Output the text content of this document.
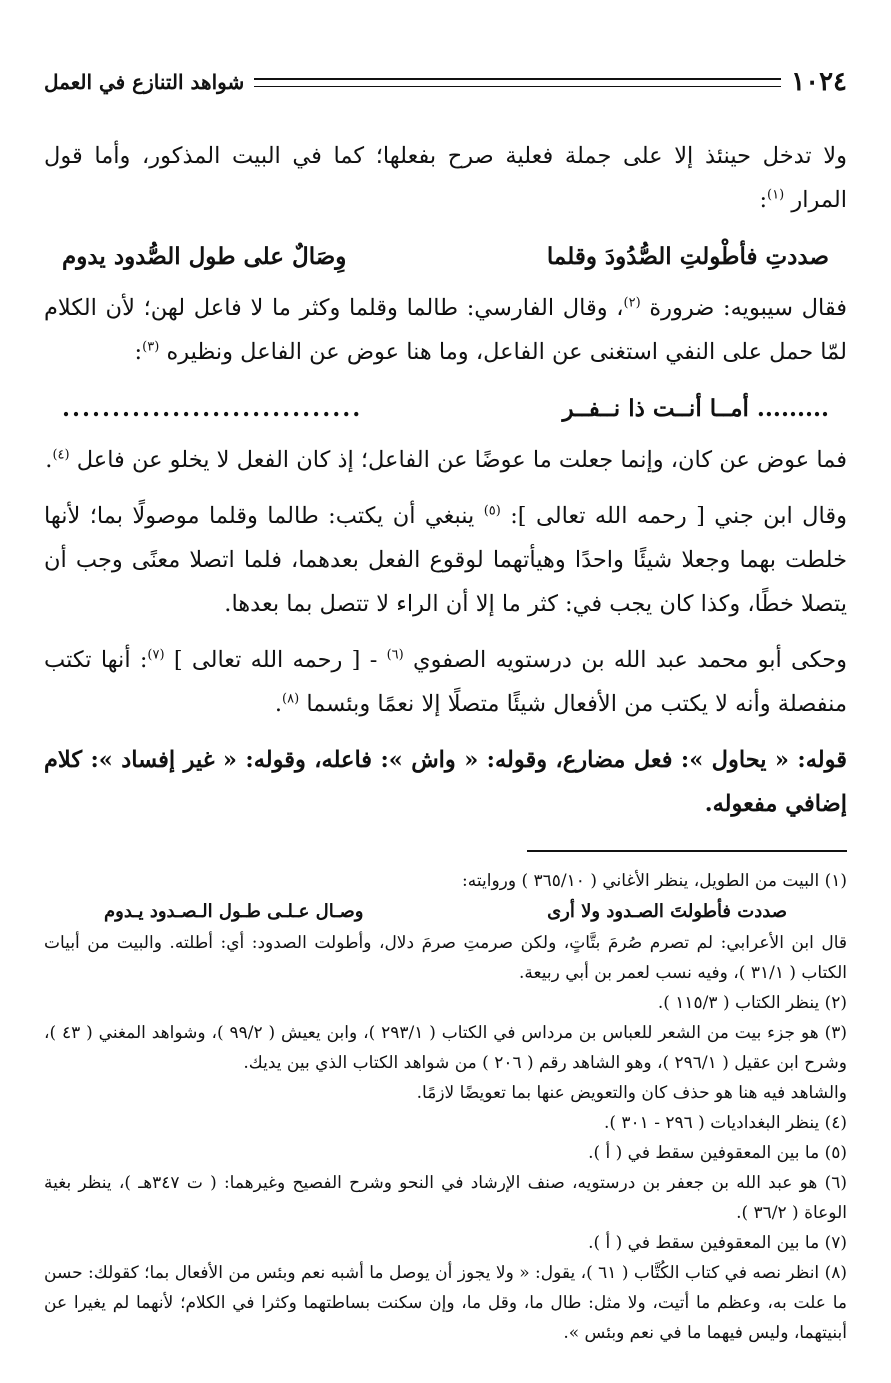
١٠٢٤
شواهد التنازع في العمل

ولا تدخل حينئذ إلا على جملة فعلية صرح بفعلها؛ كما في البيت المذكور، وأما قول المرار $^{(١)}$:

صددتِ فأطْولتِ الصُّدُودَ وقلما
وِصَالٌ على طول الصُّدود يدوم

فقال سيبويه: ضرورة $^{(٢)}$، وقال الفارسي: طالما وقلما وكثر ما لا فاعل لهن؛ لأن الكلام لمّا حمل على النفي استغنى عن الفاعل، وما هنا عوض عن الفاعل ونظيره $^{(٣)}$:

......... أمــا أنــت ذا نــفــر
..............................

فما عوض عن كان، وإنما جعلت ما عوضًا عن الفاعل؛ إذ كان الفعل لا يخلو عن فاعل $^{(٤)}$.

وقال ابن جني [ رحمه الله تعالى ]: $^{(٥)}$ ينبغي أن يكتب: طالما وقلما موصولًا بما؛ لأنها خلطت بهما وجعلا شيئًا واحدًا وهيأتهما لوقوع الفعل بعدهما، فلما اتصلا معنًى وجب أن يتصلا خطًا، وكذا كان يجب في: كثر ما إلا أن الراء لا تتصل بما بعدها.

وحكى أبو محمد عبد الله بن درستويه الصفوي $^{(٦)}$ - [ رحمه الله تعالى ] $^{(٧)}$: أنها تكتب منفصلة وأنه لا يكتب من الأفعال شيئًا متصلًا إلا نعمًا وبئسما $^{(٨)}$.

قوله: « يحاول »: فعل مضارع، وقوله: « واش »: فاعله، وقوله: « غير إفساد »: كلام إضافي مفعوله.

(١) البيت من الطويل، ينظر الأغاني ( ٣٦٥/١٠ ) وروايته:

صددت فأطولتَ الصـدود ولا أرى
وصـال عـلـى طـول الـصـدود يـدوم

قال ابن الأعرابي: لم تصرم صُرمَ بتَّاتٍ، ولكن صرمتِ صرمَ دلال، وأطولت الصدود: أي: أطلته. والبيت من أبيات الكتاب ( ٣١/١ )، وفيه نسب لعمر بن أبي ربيعة.

(٢) ينظر الكتاب ( ١١٥/٣ ).

(٣) هو جزء بيت من الشعر للعباس بن مرداس في الكتاب ( ٢٩٣/١ )، وابن يعيش ( ٩٩/٢ )، وشواهد المغني ( ٤٣ )، وشرح ابن عقيل ( ٢٩٦/١ )، وهو الشاهد رقم ( ٢٠٦ ) من شواهد الكتاب الذي بين يديك.

والشاهد فيه هنا هو حذف كان والتعويض عنها بما تعويضًا لازمًا.

(٤) ينظر البغداديات ( ٢٩٦ - ٣٠١ ).

(٥) ما بين المعقوفين سقط في ( أ ).

(٦) هو عبد الله بن جعفر بن درستويه، صنف الإرشاد في النحو وشرح الفصيح وغيرهما: ( ت ٣٤٧هـ )، ينظر بغية الوعاة ( ٣٦/٢ ).

(٧) ما بين المعقوفين سقط في ( أ ).

(٨) انظر نصه في كتاب الكُتَّاب ( ٦١ )، يقول: « ولا يجوز أن يوصل ما أشبه نعم وبئس من الأفعال بما؛ كقولك: حسن ما علت به، وعظم ما أتيت، ولا مثل: طال ما، وقل ما، وإن سكنت بساطتهما وكثرا في الكلام؛ لأنهما لم يغيرا عن أبنيتهما، وليس فيهما ما في نعم وبئس ».
